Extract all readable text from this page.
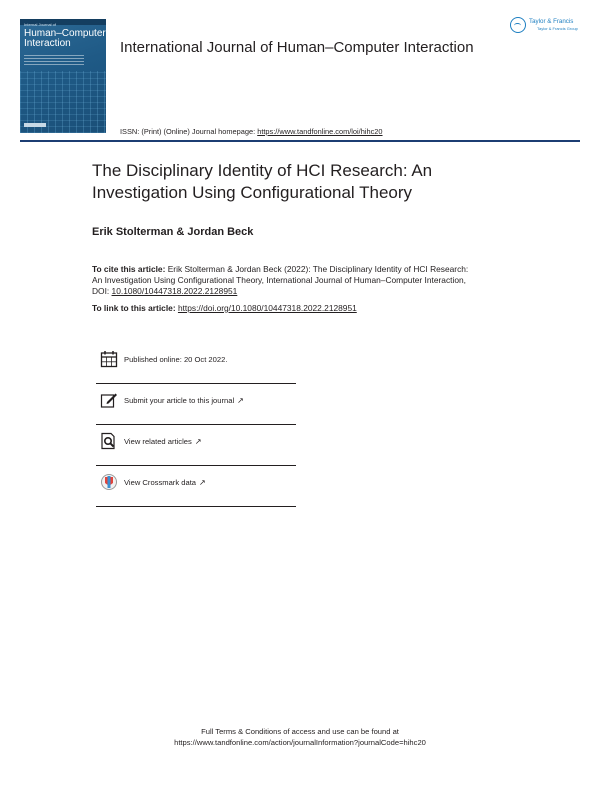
Internal Journal of
Human–Computer
Interaction	International Journal of Human–Computer Interaction
ISSN: (Print) (Online) Journal homepage: https://www.tandfonline.com/loi/hihc20
Taylor & Francis
Taylor & Francis Group
The Disciplinary Identity of HCI Research: An Investigation Using Configurational Theory
Erik Stolterman & Jordan Beck
To cite this article: Erik Stolterman & Jordan Beck (2022): The Disciplinary Identity of HCI Research: An Investigation Using Configurational Theory, International Journal of Human–Computer Interaction, DOI: 10.1080/10447318.2022.2128951
To link to this article: https://doi.org/10.1080/10447318.2022.2128951
Published online: 20 Oct 2022.
Submit your article to this journal ↗︎
View related articles ↗︎
View Crossmark data ↗︎
Full Terms & Conditions of access and use can be found at
https://www.tandfonline.com/action/journalInformation?journalCode=hihc20
